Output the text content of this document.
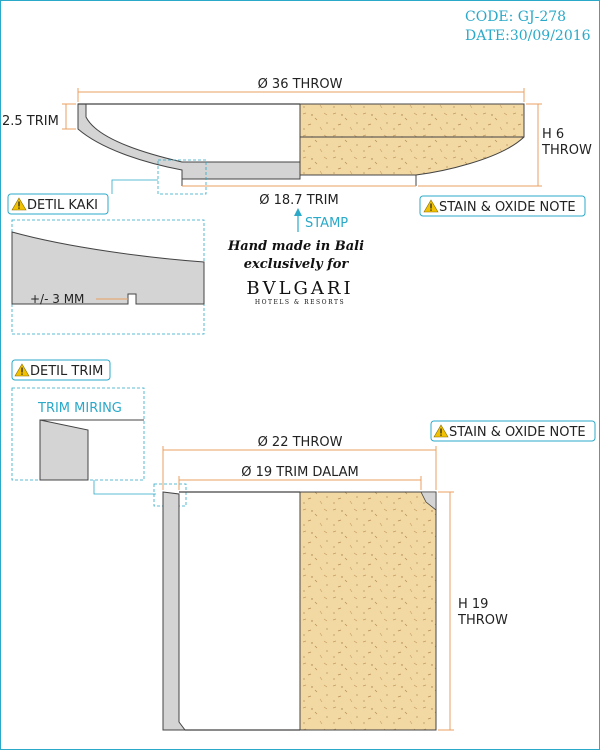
CODE: GJ-278
DATE:30/09/2016
Ø 36 THROW
2.5 TRIM
H 6
THROW
Ø 18.7 TRIM	STAIN & OXIDE NOTE
STAMP
Hand made in Bali
exclusively for
BVLGARI
HOTELS & RESORTS
DETIL KAKI
+/- 3 MM
DETIL TRIM
TRIM MIRING
STAIN & OXIDE NOTE
Ø 22 THROW
Ø 19 TRIM DALAM
H 19
THROW
